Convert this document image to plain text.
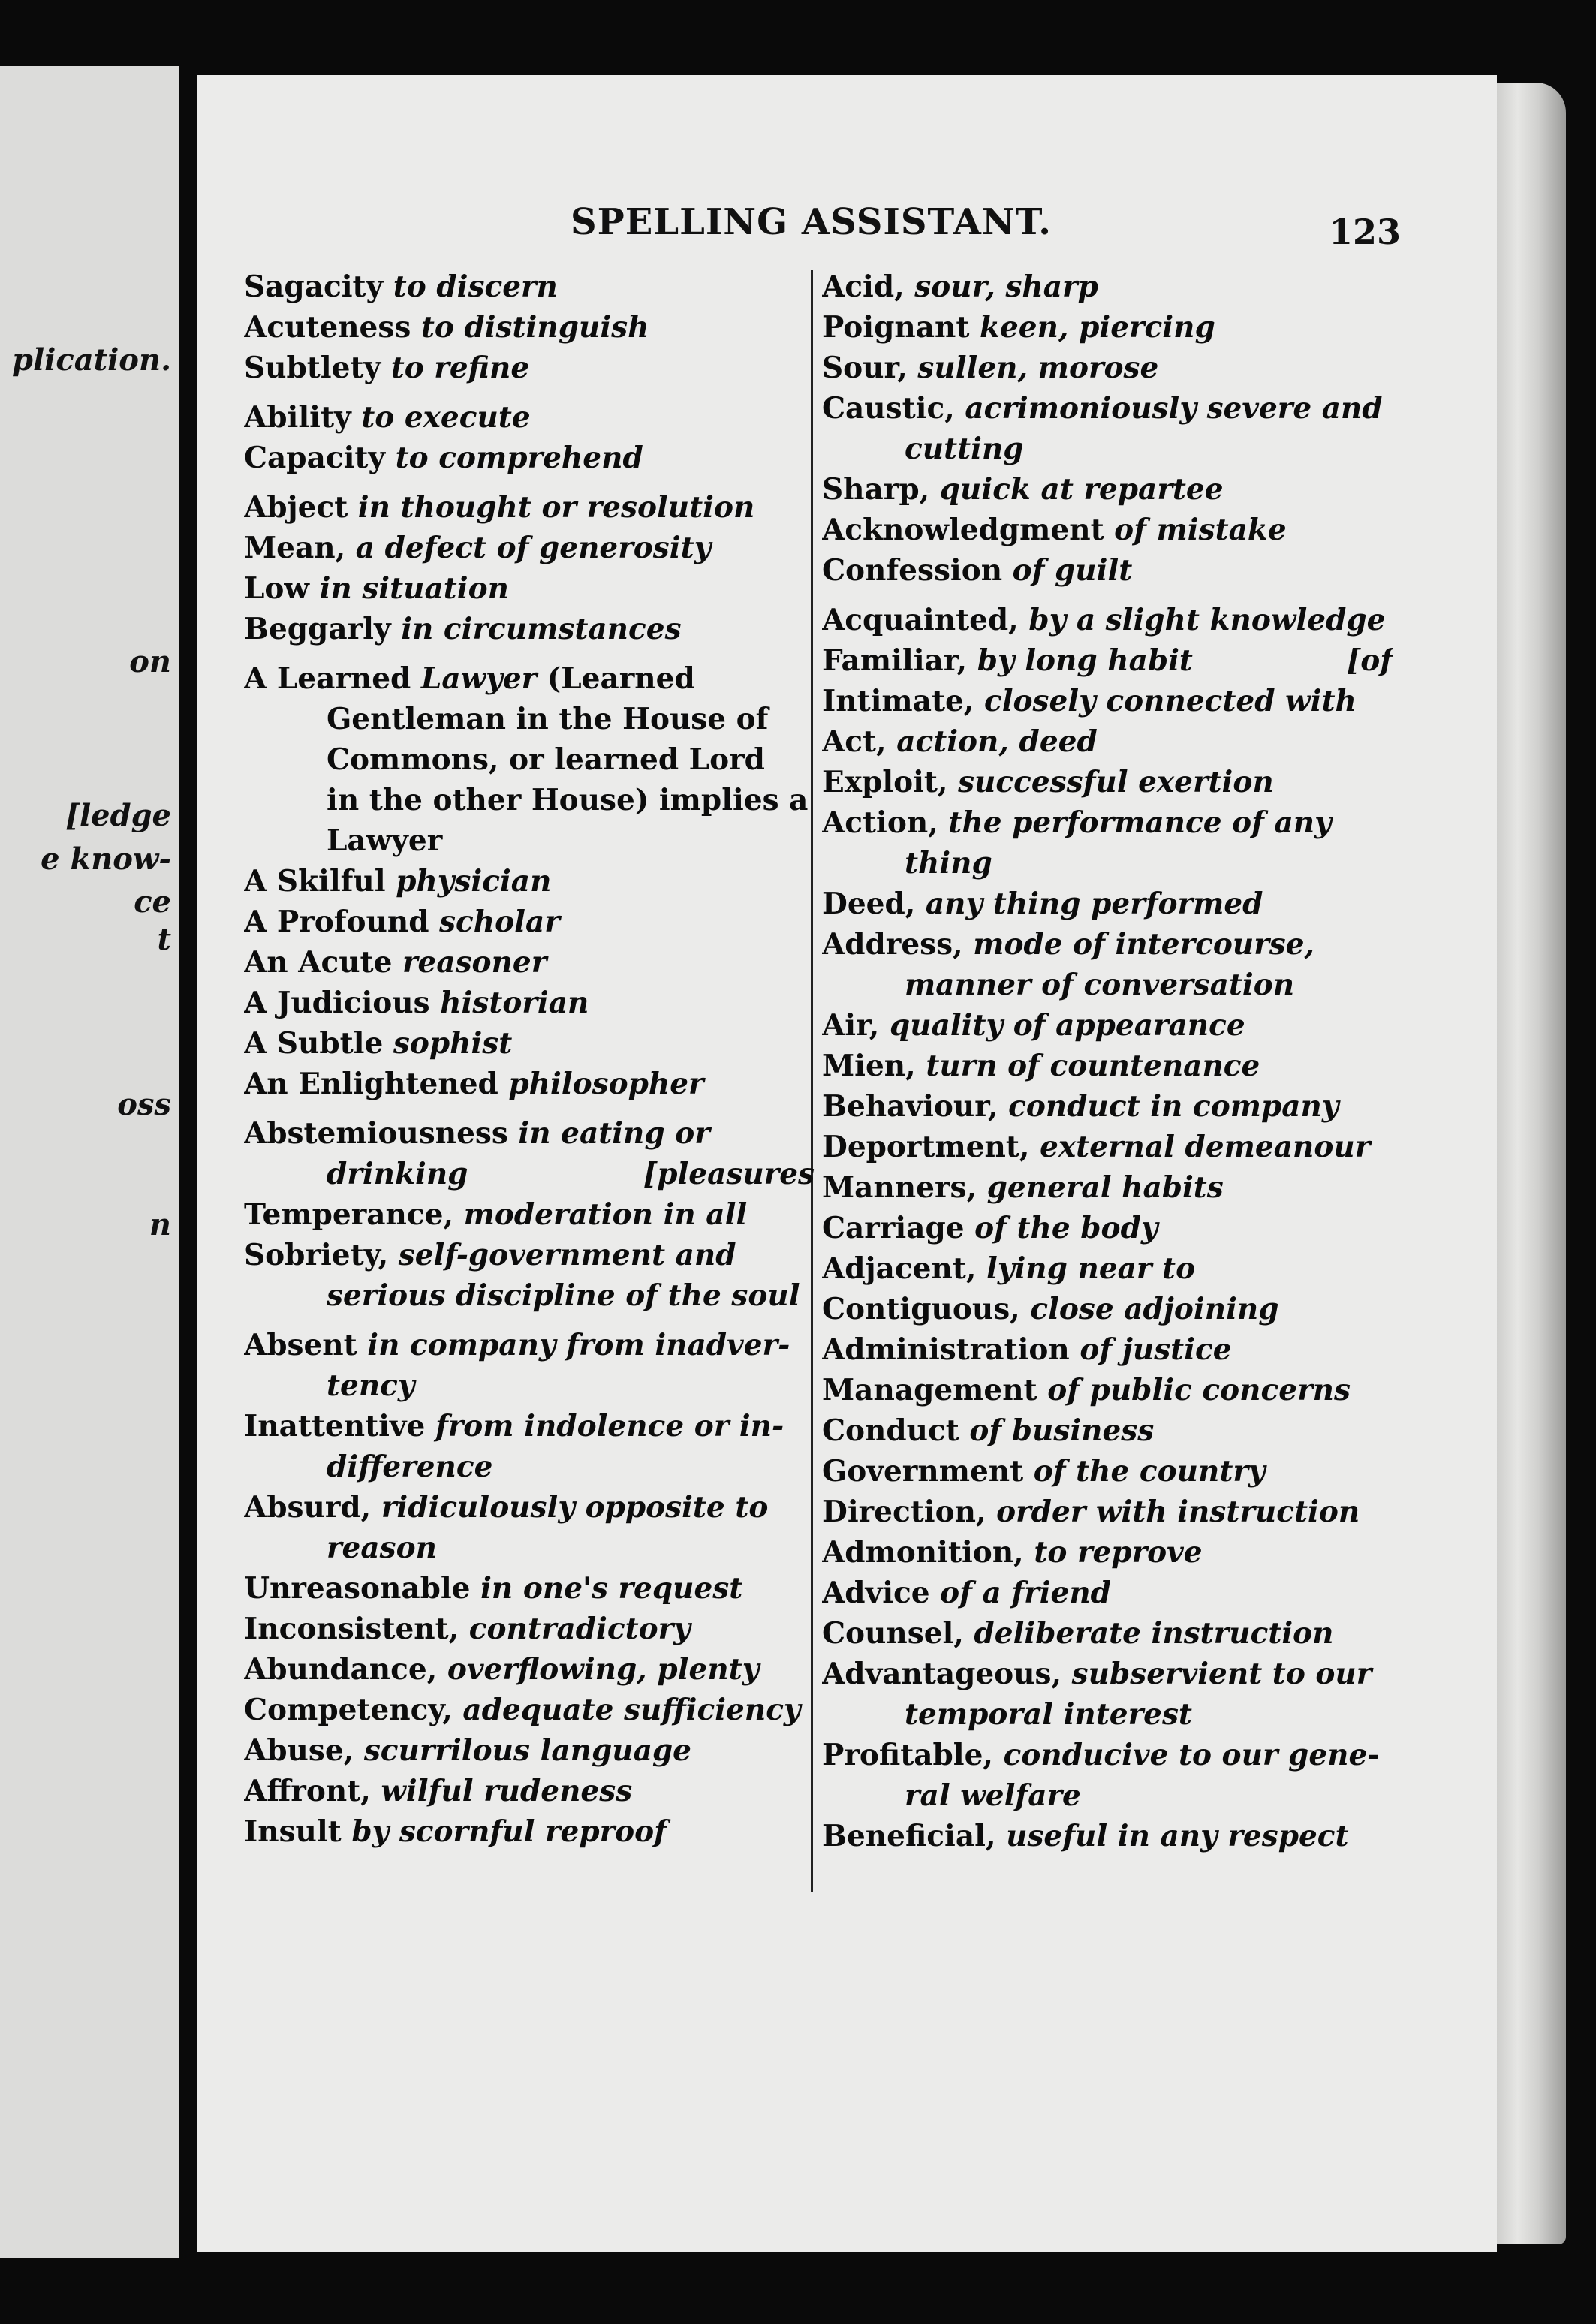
plication.
on
[ledge
e know-
ce
t
oss
n
SPELLING ASSISTANT.	123
Sagacity to discern
Acuteness to distinguish
Subtlety to refine
Ability to execute
Capacity to comprehend
Abject in thought or resolution
Mean, a defect of generosity
Low in situation
Beggarly in circumstances
A Learned Lawyer (Learned
Gentleman in the House of
Commons, or learned Lord
in the other House) implies a
Lawyer
A Skilful physician
A Profound scholar
An Acute reasoner
A Judicious historian
A Subtle sophist
An Enlightened philosopher
Abstemiousness in eating or
[pleasures
drinking
Temperance, moderation in all
Sobriety, self-government and
serious discipline of the soul
Absent in company from inadver-
tency
Inattentive from indolence or in-
difference
Absurd, ridiculously opposite to
reason
Unreasonable in one's request
Inconsistent, contradictory
Abundance, overflowing, plenty
Competency, adequate sufficiency
Abuse, scurrilous language
Affront, wilful rudeness
Insult by scornful reproof
Acid, sour, sharp
Poignant keen, piercing
Sour, sullen, morose
Caustic, acrimoniously severe and
cutting
Sharp, quick at repartee
Acknowledgment of mistake
Confession of guilt
Acquainted, by a slight knowledge
[of
Familiar, by long habit
Intimate, closely connected with
Act, action, deed
Exploit, successful exertion
Action, the performance of any
thing
Deed, any thing performed
Address, mode of intercourse,
manner of conversation
Air, quality of appearance
Mien, turn of countenance
Behaviour, conduct in company
Deportment, external demeanour
Manners, general habits
Carriage of the body
Adjacent, lying near to
Contiguous, close adjoining
Administration of justice
Management of public concerns
Conduct of business
Government of the country
Direction, order with instruction
Admonition, to reprove
Advice of a friend
Counsel, deliberate instruction
Advantageous, subservient to our
temporal interest
Profitable, conducive to our gene-
ral welfare
Beneficial, useful in any respect
